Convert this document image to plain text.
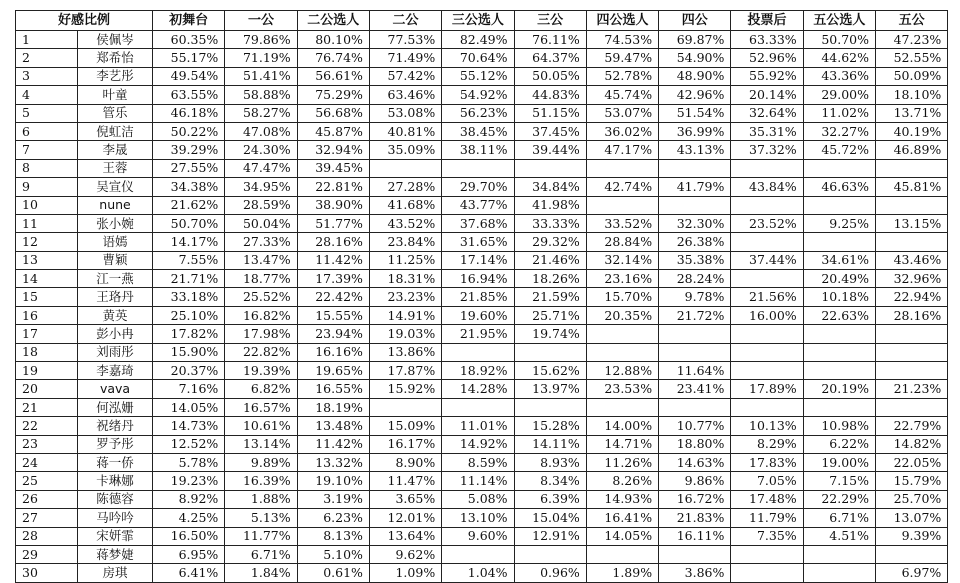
好感比例		初舞台	一公	二公选人	二公	三公选人	三公	四公选人	四公	投票后	五公选人	五公	
1	侯佩岑	60.35%	79.86%	80.10%	77.53%	82.49%	76.11%	74.53%	69.87%	63.33%	50.70%	47.23%	
2	郑希怡	55.17%	71.19%	76.74%	71.49%	70.64%	64.37%	59.47%	54.90%	52.96%	44.62%	52.55%	
3	李艺彤	49.54%	51.41%	56.61%	57.42%	55.12%	50.05%	52.78%	48.90%	55.92%	43.36%	50.09%	
4	叶童	63.55%	58.88%	75.29%	63.46%	54.92%	44.83%	45.74%	42.96%	20.14%	29.00%	18.10%	
5	管乐	46.18%	58.27%	56.68%	53.08%	56.23%	51.15%	53.07%	51.54%	32.64%	11.02%	13.71%	
6	倪虹洁	50.22%	47.08%	45.87%	40.81%	38.45%	37.45%	36.02%	36.99%	35.31%	32.27%	40.19%	
7	李晟	39.29%	24.30%	32.94%	35.09%	38.11%	39.44%	47.17%	43.13%	37.32%	45.72%	46.89%	
8	王蓉	27.55%	47.47%	39.45%									
9	吴宣仪	34.38%	34.95%	22.81%	27.28%	29.70%	34.84%	42.74%	41.79%	43.84%	46.63%	45.81%	
10	nune	21.62%	28.59%	38.90%	41.68%	43.77%	41.98%						
11	张小婉	50.70%	50.04%	51.77%	43.52%	37.68%	33.33%	33.52%	32.30%	23.52%	9.25%	13.15%	
12	语嫣	14.17%	27.33%	28.16%	23.84%	31.65%	29.32%	28.84%	26.38%				
13	曹颖	7.55%	13.47%	11.42%	11.25%	17.14%	21.46%	32.14%	35.38%	37.44%	34.61%	43.46%	
14	江一燕	21.71%	18.77%	17.39%	18.31%	16.94%	18.26%	23.16%	28.24%		20.49%	32.96%	
15	王珞丹	33.18%	25.52%	22.42%	23.23%	21.85%	21.59%	15.70%	9.78%	21.56%	10.18%	22.94%	
16	黄英	25.10%	16.82%	15.55%	14.91%	19.60%	25.71%	20.35%	21.72%	16.00%	22.63%	28.16%	
17	彭小冉	17.82%	17.98%	23.94%	19.03%	21.95%	19.74%						
18	刘雨彤	15.90%	22.82%	16.16%	13.86%								
19	李嘉琦	20.37%	19.39%	19.65%	17.87%	18.92%	15.62%	12.88%	11.64%				
20	vava	7.16%	6.82%	16.55%	15.92%	14.28%	13.97%	23.53%	23.41%	17.89%	20.19%	21.23%	
21	何泓姗	14.05%	16.57%	18.19%									
22	祝绪丹	14.73%	10.61%	13.48%	15.09%	11.01%	15.28%	14.00%	10.77%	10.13%	10.98%	22.79%	
23	罗予彤	12.52%	13.14%	11.42%	16.17%	14.92%	14.11%	14.71%	18.80%	8.29%	6.22%	14.82%	
24	蒋一侨	5.78%	9.89%	13.32%	8.90%	8.59%	8.93%	11.26%	14.63%	17.83%	19.00%	22.05%	
25	卡琳娜	19.23%	16.39%	19.10%	11.47%	11.14%	8.34%	8.26%	9.86%	7.05%	7.15%	15.79%	
26	陈德容	8.92%	1.88%	3.19%	3.65%	5.08%	6.39%	14.93%	16.72%	17.48%	22.29%	25.70%	
27	马吟吟	4.25%	5.13%	6.23%	12.01%	13.10%	15.04%	16.41%	21.83%	11.79%	6.71%	13.07%	
28	宋妍霏	16.50%	11.77%	8.13%	13.64%	9.60%	12.91%	14.05%	16.11%	7.35%	4.51%	9.39%	
29	蒋梦婕	6.95%	6.71%	5.10%	9.62%								
30	房琪	6.41%	1.84%	0.61%	1.09%	1.04%	0.96%	1.89%	3.86%			6.97%	
